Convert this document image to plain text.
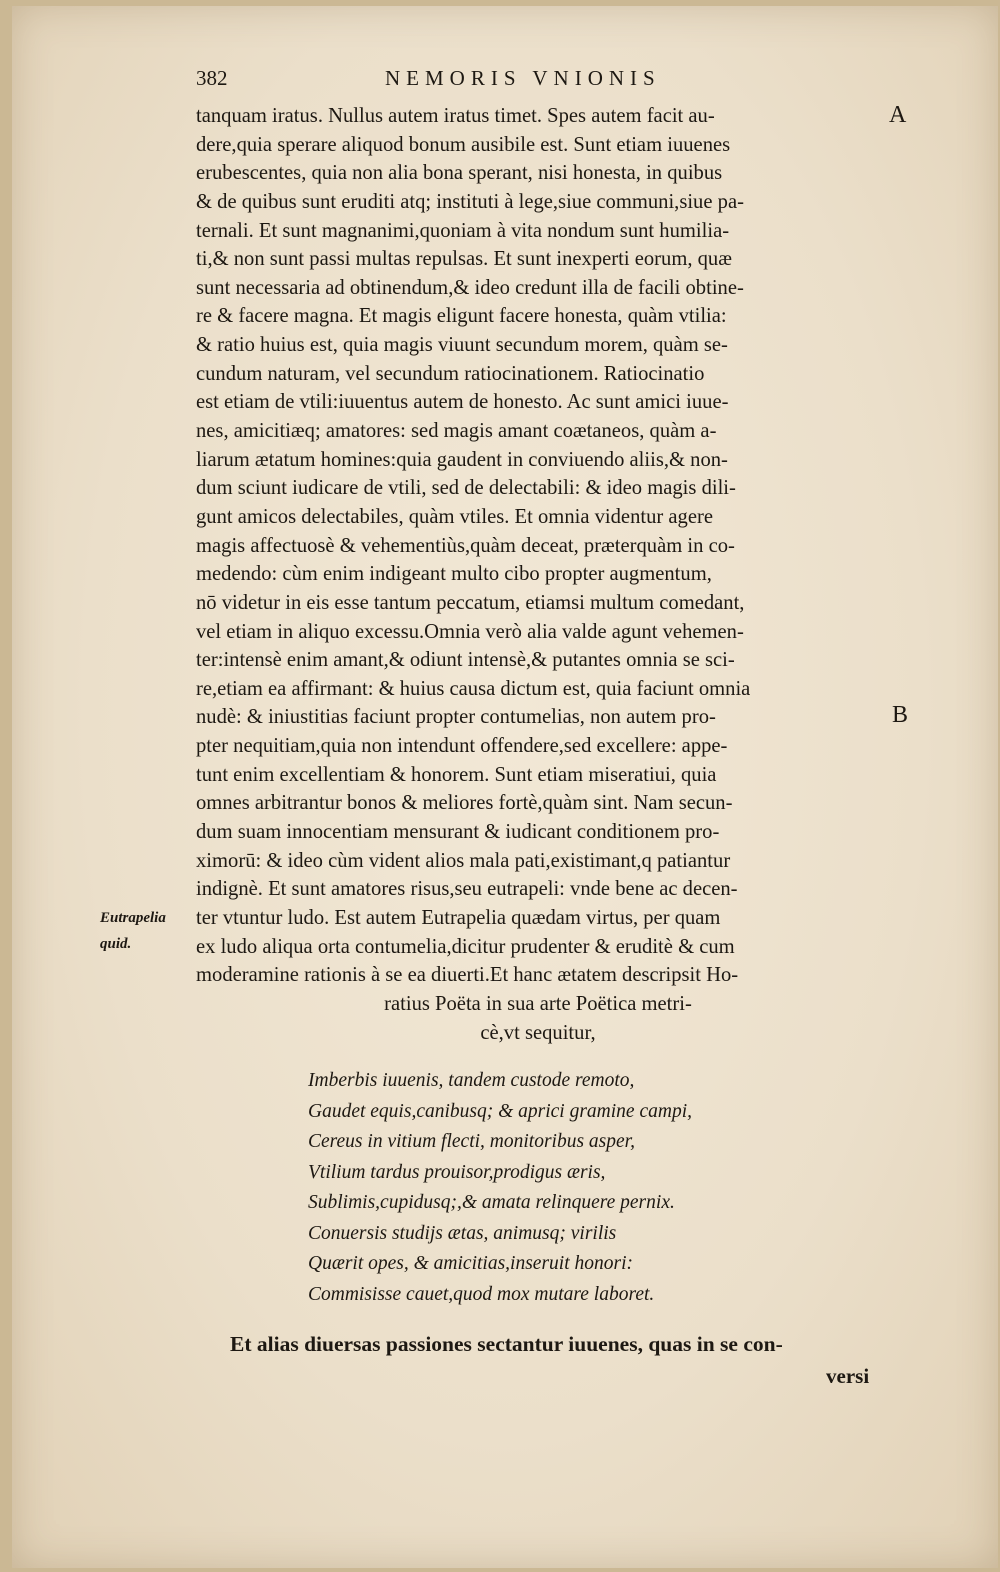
382	NEMORIS VNIONIS
A
B
Eutrapelia
quid.
tanquam iratus. Nullus autem iratus timet. Spes autem facit au-
dere,quia sperare aliquod bonum ausibile est. Sunt etiam iuuenes
erubescentes, quia non alia bona sperant, nisi honesta, in quibus
& de quibus sunt eruditi atq; instituti à lege,siue communi,siue pa-
ternali. Et sunt magnanimi,quoniam à vita nondum sunt humilia-
ti,& non sunt passi multas repulsas. Et sunt inexperti eorum, quæ
sunt necessaria ad obtinendum,& ideo credunt illa de facili obtine-
re & facere magna. Et magis eligunt facere honesta, quàm vtilia:
& ratio huius est, quia magis viuunt secundum morem, quàm se-
cundum naturam, vel secundum ratiocinationem. Ratiocinatio
est etiam de vtili:iuuentus autem de honesto. Ac sunt amici iuue-
nes, amicitiæq; amatores: sed magis amant coætaneos, quàm a-
liarum ætatum homines:quia gaudent in conviuendo aliis,& non-
dum sciunt iudicare de vtili, sed de delectabili: & ideo magis dili-
gunt amicos delectabiles, quàm vtiles. Et omnia videntur agere
magis affectuosè & vehementiùs,quàm deceat, prӕterquàm in co-
medendo: cùm enim indigeant multo cibo propter augmentum,
nō videtur in eis esse tantum peccatum, etiamsi multum comedant,
vel etiam in aliquo excessu.Omnia verò alia valde agunt vehemen-
ter:intensè enim amant,& odiunt intensè,& putantes omnia se sci-
re,etiam ea affirmant: & huius causa dictum est, quia faciunt omnia
nudè: & iniustitias faciunt propter contumelias, non autem pro-
pter nequitiam,quia non intendunt offendere,sed excellere: appe-
tunt enim excellentiam & honorem. Sunt etiam miseratiui, quia
omnes arbitrantur bonos & meliores fortè,quàm sint. Nam secun-
dum suam innocentiam mensurant & iudicant conditionem pro-
ximorū: & ideo cùm vident alios mala pati,existimant,q patiantur
indignè. Et sunt amatores risus,seu eutrapeli: vnde bene ac decen-
ter vtuntur ludo. Est autem Eutrapelia quædam virtus, per quam
ex ludo aliqua orta contumelia,dicitur prudenter & eruditè & cum
moderamine rationis à se ea diuerti.Et hanc ætatem descripsit Ho-
ratius Poëta in sua arte Poëtica metri-
cè,vt sequitur,
Imberbis iuuenis, tandem custode remoto,
Gaudet equis,canibusq; & aprici gramine campi,
Cereus in vitium flecti, monitoribus asper,
Vtilium tardus prouisor,prodigus æris,
Sublimis,cupidusq;,& amata relinquere pernix.
Conuersis studijs ætas, animusq; virilis
Quærit opes, & amicitias,inseruit honori:
Commisisse cauet,quod mox mutare laboret.
Et alias diuersas passiones sectantur iuuenes, quas in se con-
versi
